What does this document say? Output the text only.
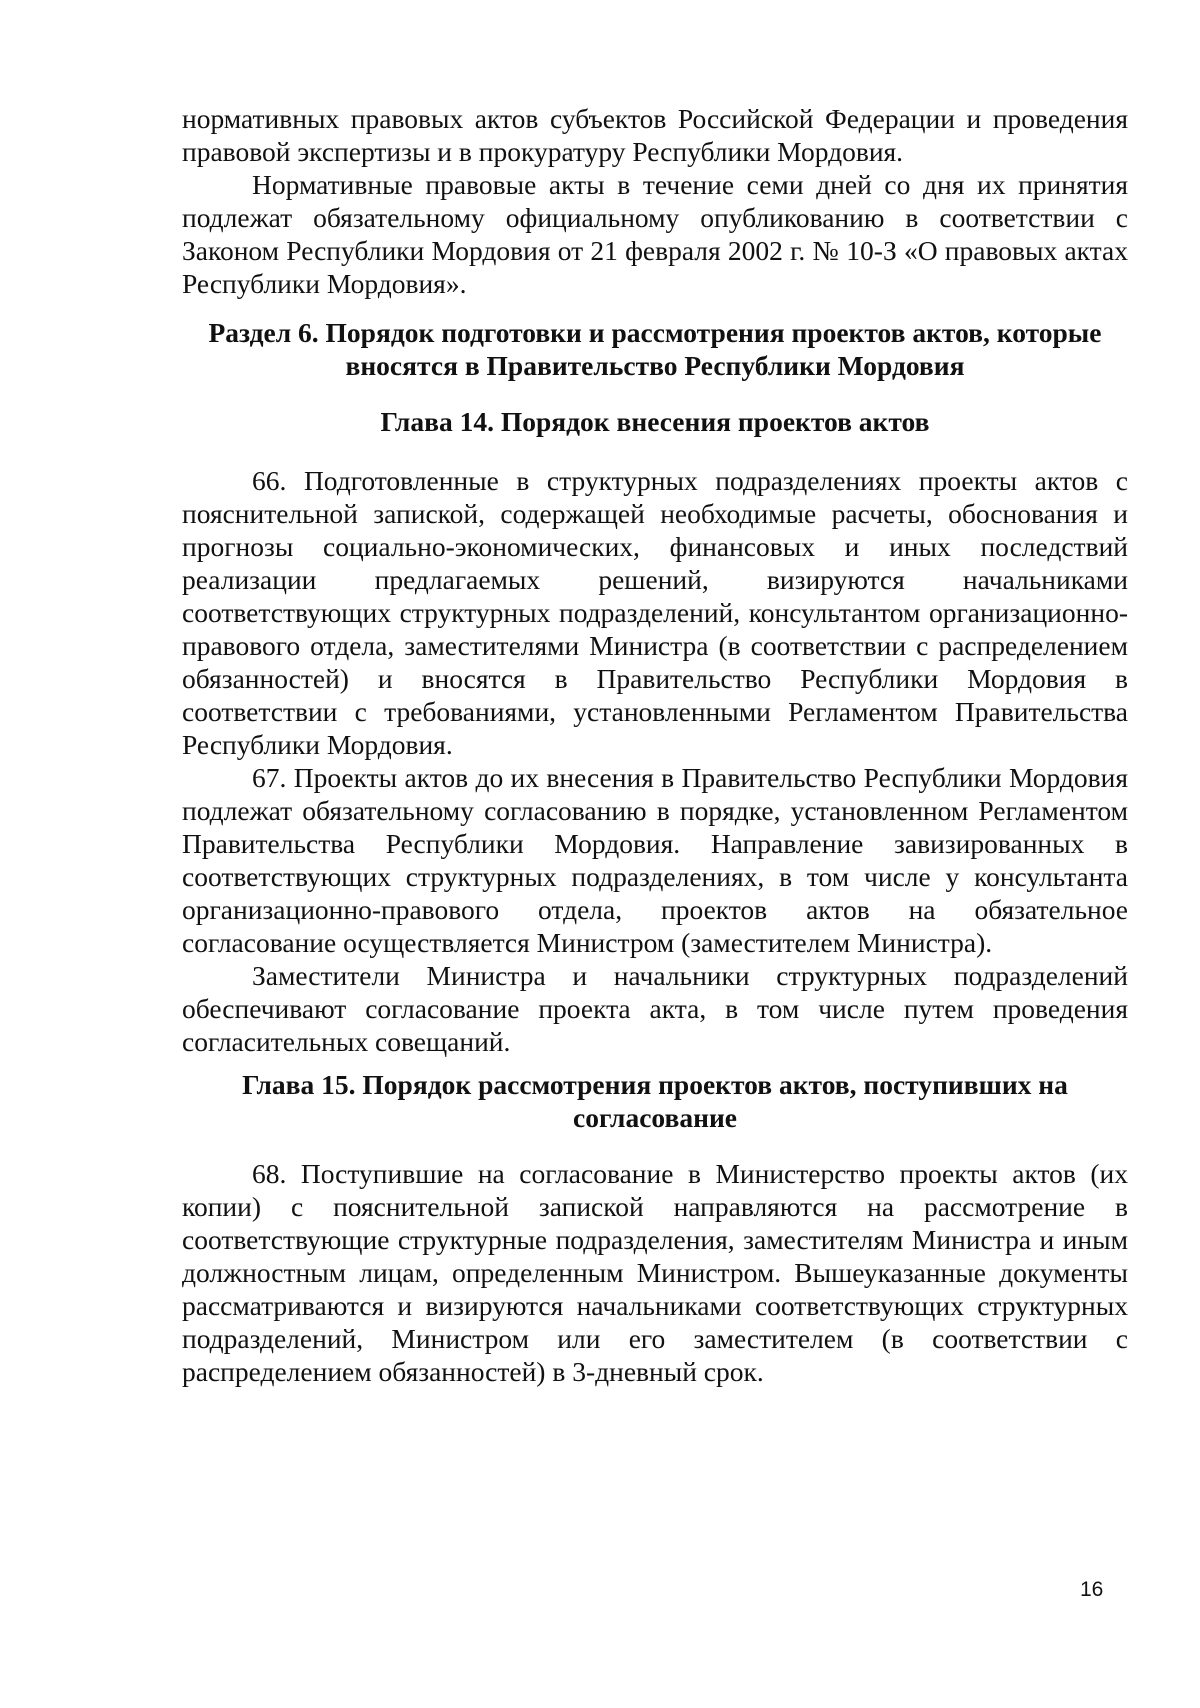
нормативных правовых актов субъектов Российской Федерации и проведения правовой экспертизы и в прокуратуру Республики Мордовия.

Нормативные правовые акты в течение семи дней со дня их принятия подлежат обязательному официальному опубликованию в соответствии с Законом Республики Мордовия от 21 февраля 2002 г. № 10-З «О правовых актах Республики Мордовия».

Раздел 6. Порядок подготовки и рассмотрения проектов актов, которые
вносятся в Правительство Республики Мордовия
Глава 14. Порядок внесения проектов актов

66. Подготовленные в структурных подразделениях проекты актов с пояснительной запиской, содержащей необходимые расчеты, обоснования и прогнозы социально-экономических, финансовых и иных последствий реализации предлагаемых решений, визируются начальниками соответствующих структурных подразделений, консультантом организационно-правового отдела, заместителями Министра (в соответствии с распределением обязанностей) и вносятся в Правительство Республики Мордовия в соответствии с требованиями, установленными Регламентом Правительства Республики Мордовия.

67. Проекты актов до их внесения в Правительство Республики Мордовия подлежат обязательному согласованию в порядке, установленном Регламентом Правительства Республики Мордовия. Направление завизированных в соответствующих структурных подразделениях, в том числе у консультанта организационно-правового отдела, проектов актов на обязательное согласование осуществляется Министром (заместителем Министра).

Заместители Министра и начальники структурных подразделений обеспечивают согласование проекта акта, в том числе путем проведения согласительных совещаний.

Глава 15. Порядок рассмотрения проектов актов, поступивших на
согласование

68. Поступившие на согласование в Министерство проекты актов (их копии) с пояснительной запиской направляются на рассмотрение в соответствующие структурные подразделения, заместителям Министра и иным должностным лицам, определенным Министром. Вышеуказанные документы рассматриваются и визируются начальниками соответствующих структурных подразделений, Министром или его заместителем (в соответствии с распределением обязанностей) в 3-дневный срок.

16
